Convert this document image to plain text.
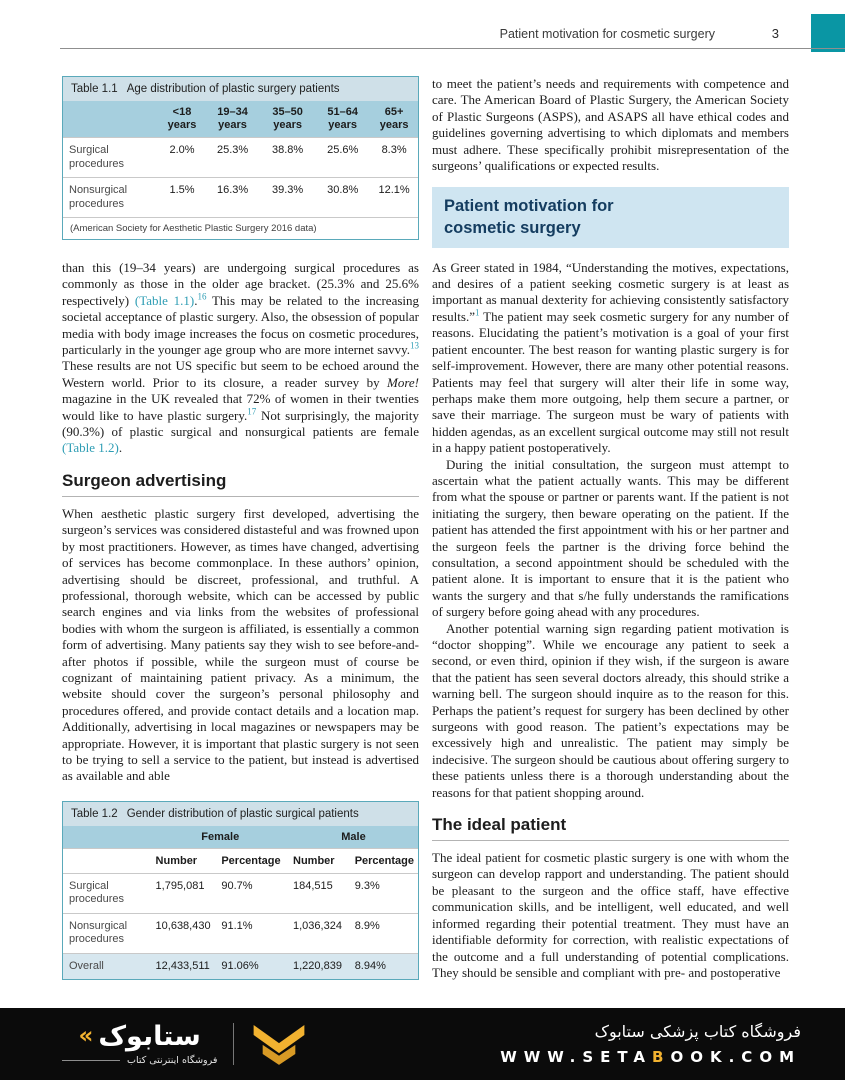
Patient motivation for cosmetic surgery	3
Table 1.1 Age distribution of plastic surgery patients
	<18 years	19–34 years	35–50 years	51–64 years	65+ years
Surgical procedures	2.0%	25.3%	38.8%	25.6%	8.3%
Nonsurgical procedures	1.5%	16.3%	39.3%	30.8%	12.1%
(American Society for Aesthetic Plastic Surgery 2016 data)

than this (19–34 years) are undergoing surgical procedures as commonly as those in the older age bracket. (25.3% and 25.6% respectively) (Table 1.1).$^{16}$ This may be related to the increasing societal acceptance of plastic surgery. Also, the obsession of popular media with body image increases the focus on cosmetic procedures, particularly in the younger age group who are more internet savvy.$^{13}$ These results are not US specific but seem to be echoed around the Western world. Prior to its closure, a reader survey by More! magazine in the UK revealed that 72% of women in their twenties would like to have plastic surgery.$^{17}$ Not surprisingly, the majority (90.3%) of plastic surgical and nonsurgical patients are female (Table 1.2).

Surgeon advertising

When aesthetic plastic surgery first developed, advertising the surgeon’s services was considered distasteful and was frowned upon by most practitioners. However, as times have changed, advertising of services has become commonplace. In these authors’ opinion, advertising should be discreet, professional, and truthful. A professional, thorough website, which can be accessed by public search engines and via links from the websites of professional bodies with whom the surgeon is affiliated, is essentially a common form of advertising. Many patients say they wish to see before-and-after photos if possible, while the surgeon must of course be cognizant of maintaining patient privacy. As a minimum, the website should cover the surgeon’s personal philosophy and procedures offered, and provide contact details and a location map. Additionally, advertising in local magazines or newspapers may be appropriate. However, it is important that plastic surgery is not seen to be trying to sell a service to the patient, but instead is advertised as available and able

Table 1.2 Gender distribution of plastic surgical patients
	Female		Male	
	Number	Percentage	Number	Percentage
Surgical procedures	1,795,081	90.7%	184,515	9.3%
Nonsurgical procedures	10,638,430	91.1%	1,036,324	8.9%
Overall	12,433,511	91.06%	1,220,839	8.94%

to meet the patient’s needs and requirements with competence and care. The American Board of Plastic Surgery, the American Society of Plastic Surgeons (ASPS), and ASAPS all have ethical codes and guidelines governing advertising to which diplomats and members must adhere. These specifically prohibit misrepresentation of the surgeons’ qualifications or expected results.

Patient motivation for
cosmetic surgery

As Greer stated in 1984, “Understanding the motives, expectations, and desires of a patient seeking cosmetic surgery is at least as important as manual dexterity for achieving consistently satisfactory results.”$^1$ The patient may seek cosmetic surgery for any number of reasons. Elucidating the patient’s motivation is a goal of your first patient encounter. The best reason for wanting plastic surgery is for self-improvement. However, there are many other potential reasons. Patients may feel that surgery will alter their life in some way, perhaps make them more outgoing, help them secure a partner, or save their marriage. The surgeon must be wary of patients with hidden agendas, as an excellent surgical outcome may still not result in a happy patient postoperatively.

During the initial consultation, the surgeon must attempt to ascertain what the patient actually wants. This may be different from what the spouse or partner or parents want. If the patient is not initiating the surgery, then beware operating on the patient. If the patient has attended the first appointment with his or her partner and the surgeon feels the partner is the driving force behind the consultation, a second appointment should be scheduled with the patient alone. It is important to ensure that it is the patient who wants the surgery and that s/he fully understands the ramifications of surgery before going ahead with any procedures.

Another potential warning sign regarding patient motivation is “doctor shopping”. While we encourage any patient to seek a second, or even third, opinion if they wish, if the surgeon is aware that the patient has seen several doctors already, this should strike a warning bell. The surgeon should inquire as to the reason for this. Perhaps the patient’s request for surgery has been declined by other surgeons with good reason. The patient’s expectations may be excessively high and unrealistic. The patient may simply be indecisive. The surgeon should be cautious about offering surgery to these patients unless there is a thorough understanding about the reasons for that patient shopping around.

The ideal patient

The ideal patient for cosmetic plastic surgery is one with whom the surgeon can develop rapport and understanding. The patient should be pleasant to the surgeon and the office staff, have effective communication skills, and be intelligent, well educated, and well informed regarding their potential treatment. They must have an identifiable deformity for correction, with realistic expectations of the outcome and a full understanding of potential complications. They should be sensible and compliant with pre- and postoperative

« ستابوک
فروشگاه اینترنتی کتاب
فروشگاه کتاب پزشکی ستابوک
WWW.SETABOOK.COM
